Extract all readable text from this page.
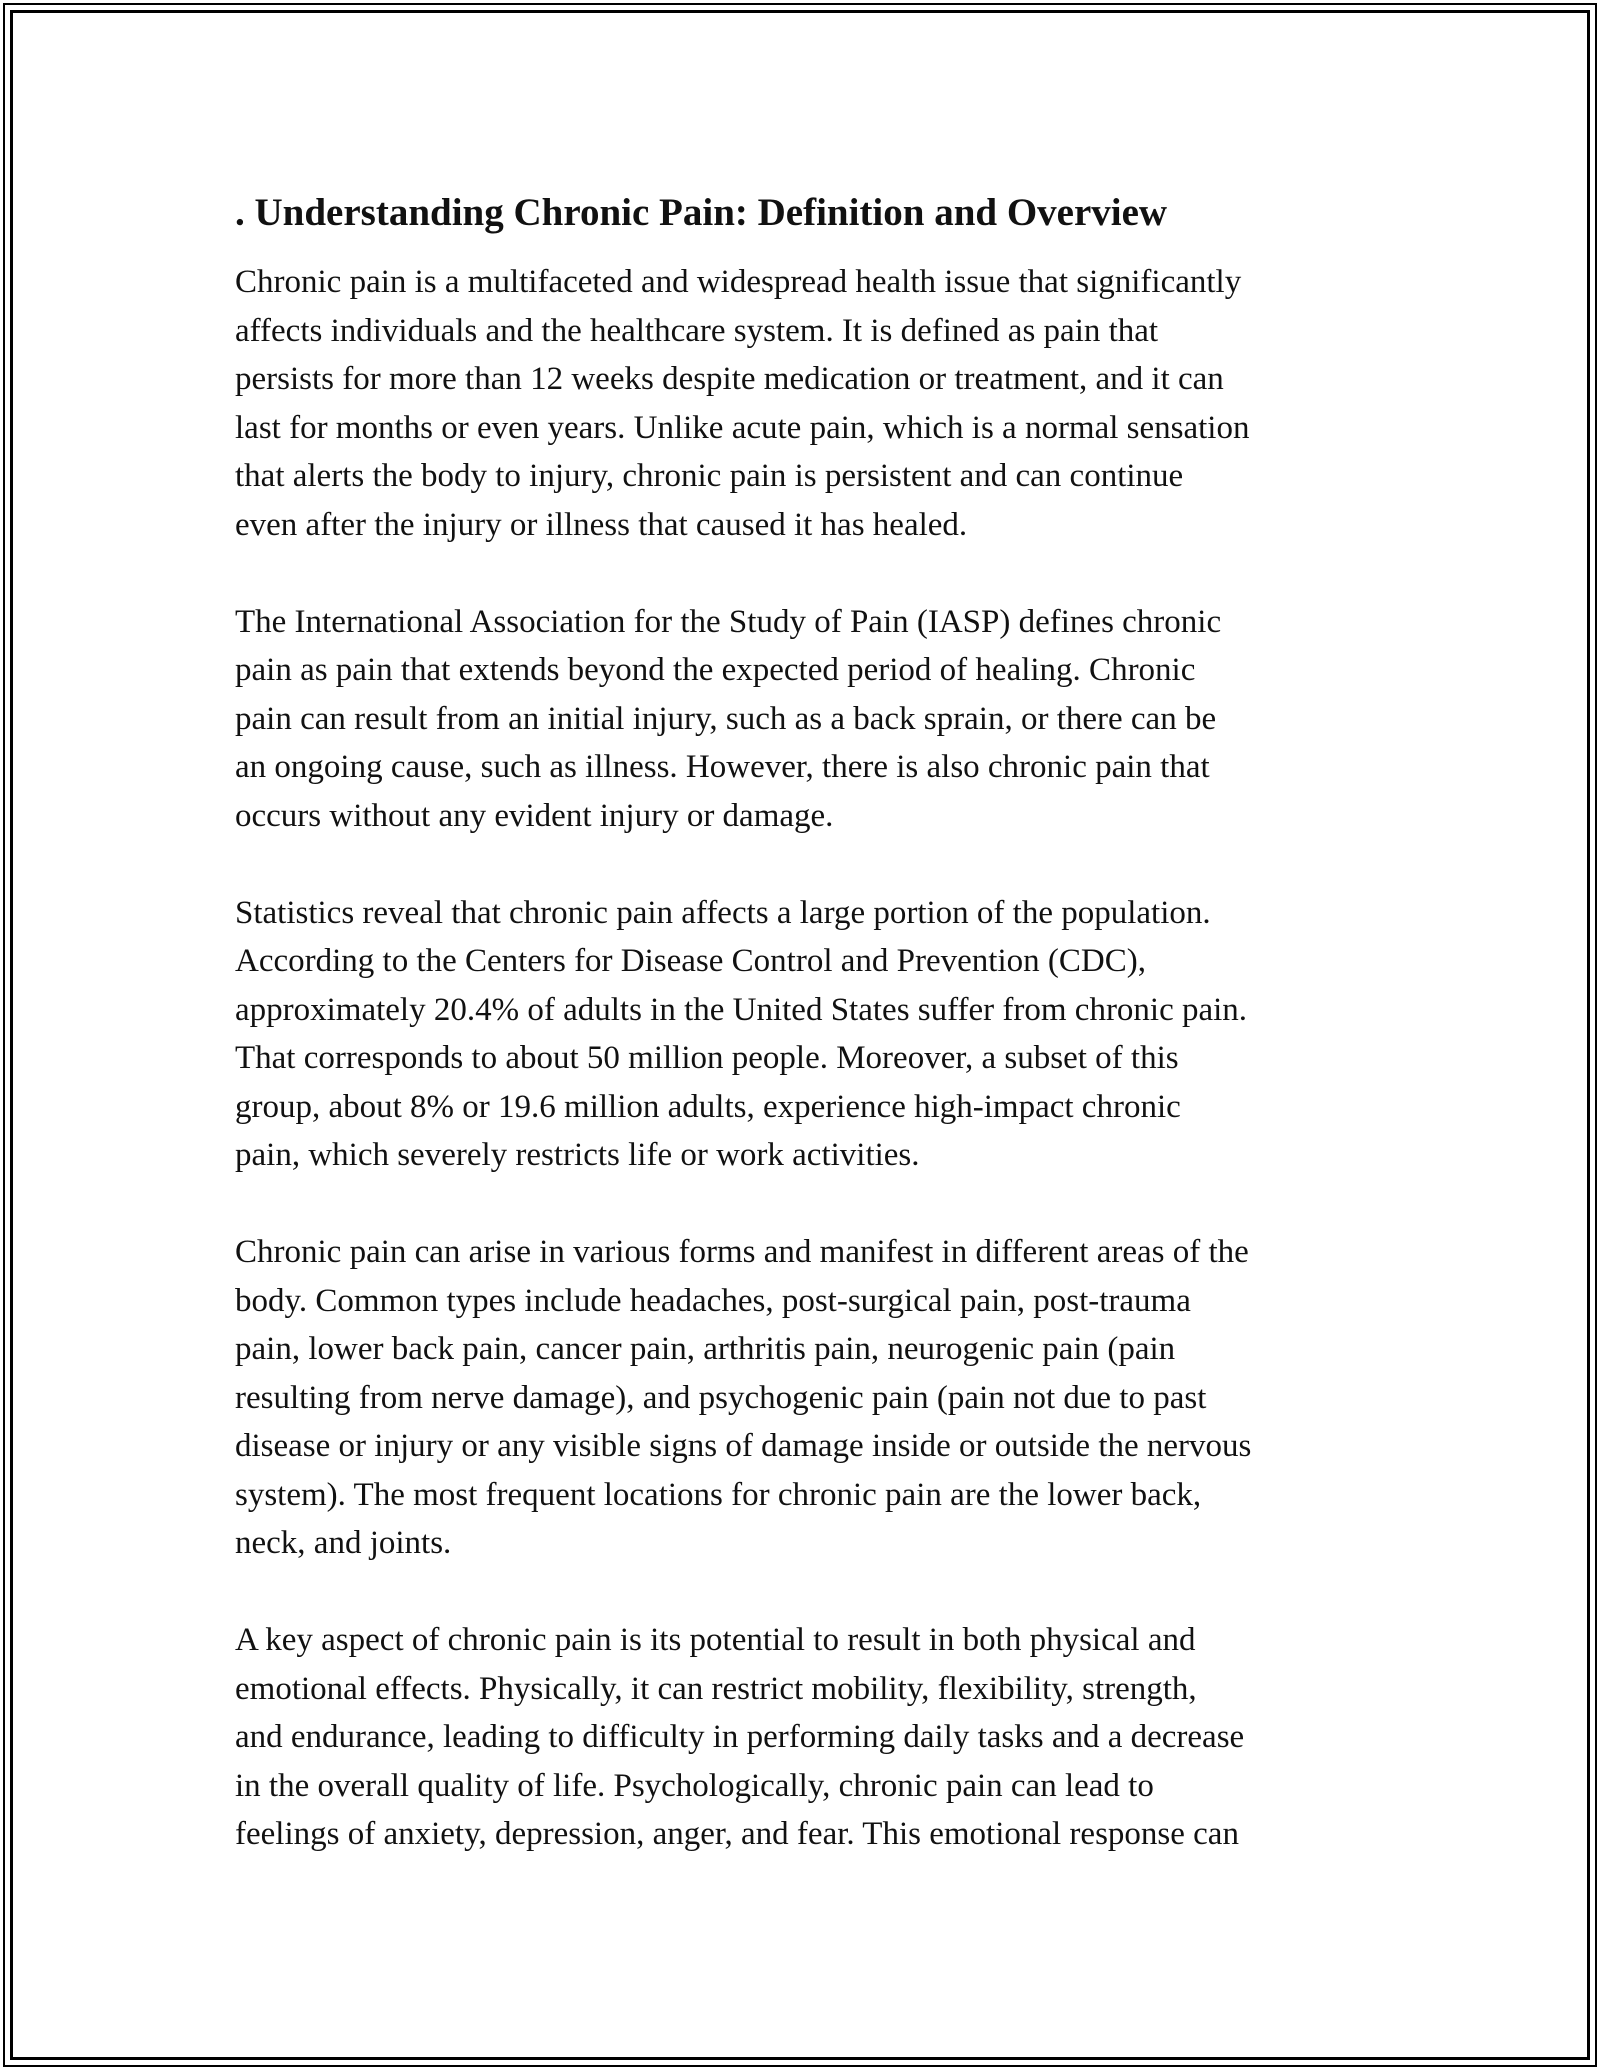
. Understanding Chronic Pain: Definition and Overview

Chronic pain is a multifaceted and widespread health issue that significantly
affects individuals and the healthcare system. It is defined as pain that
persists for more than 12 weeks despite medication or treatment, and it can
last for months or even years. Unlike acute pain, which is a normal sensation
that alerts the body to injury, chronic pain is persistent and can continue
even after the injury or illness that caused it has healed.

The International Association for the Study of Pain (IASP) defines chronic
pain as pain that extends beyond the expected period of healing. Chronic
pain can result from an initial injury, such as a back sprain, or there can be
an ongoing cause, such as illness. However, there is also chronic pain that
occurs without any evident injury or damage.

Statistics reveal that chronic pain affects a large portion of the population.
According to the Centers for Disease Control and Prevention (CDC),
approximately 20.4% of adults in the United States suffer from chronic pain.
That corresponds to about 50 million people. Moreover, a subset of this
group, about 8% or 19.6 million adults, experience high-impact chronic
pain, which severely restricts life or work activities.

Chronic pain can arise in various forms and manifest in different areas of the
body. Common types include headaches, post-surgical pain, post-trauma
pain, lower back pain, cancer pain, arthritis pain, neurogenic pain (pain
resulting from nerve damage), and psychogenic pain (pain not due to past
disease or injury or any visible signs of damage inside or outside the nervous
system). The most frequent locations for chronic pain are the lower back,
neck, and joints.

A key aspect of chronic pain is its potential to result in both physical and
emotional effects. Physically, it can restrict mobility, flexibility, strength,
and endurance, leading to difficulty in performing daily tasks and a decrease
in the overall quality of life. Psychologically, chronic pain can lead to
feelings of anxiety, depression, anger, and fear. This emotional response can
